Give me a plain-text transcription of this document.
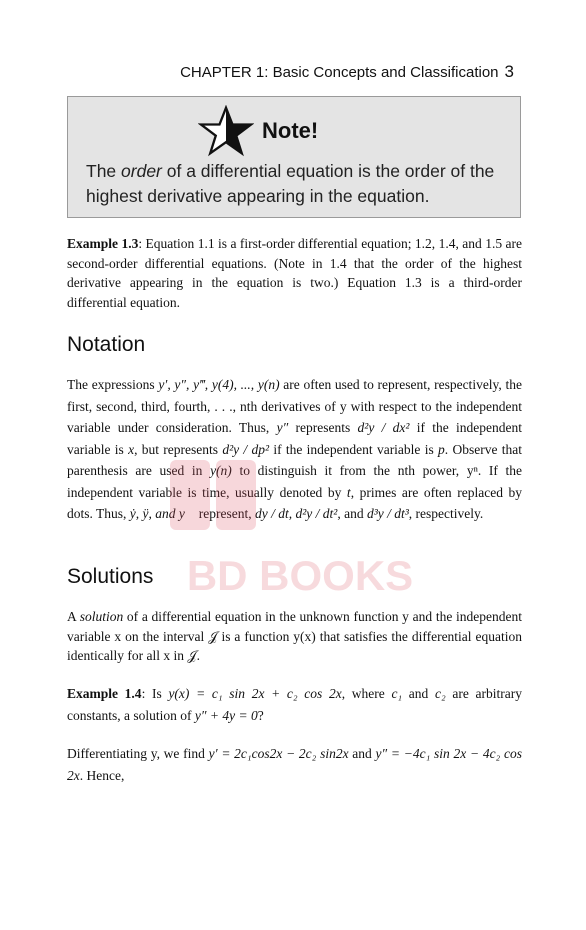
CHAPTER 1: Basic Concepts and Classification 3
Note!
The order of a differential equation is the order of the highest derivative appearing in the equation.
Example 1.3: Equation 1.1 is a first-order differential equation; 1.2, 1.4, and 1.5 are second-order differential equations. (Note in 1.4 that the order of the highest derivative appearing in the equation is two.) Equation 1.3 is a third-order differential equation.
Notation
The expressions y′, y″, y‴, y(4), ..., y(n) are often used to represent, respectively, the first, second, third, fourth, . . ., nth derivatives of y with respect to the independent variable under consideration. Thus, y″ represents d²y / dx² if the independent variable is x, but represents d²y / dp² if the independent variable is p. Observe that parenthesis are used in y(n) to distinguish it from the nth power, yⁿ. If the independent variable is time, usually denoted by t, primes are often replaced by dots. Thus, ẏ, ÿ, and y⃛ represent, dy / dt, d²y / dt², and d³y / dt³, respectively.
Solutions
A solution of a differential equation in the unknown function y and the independent variable x on the interval 𝒥 is a function y(x) that satisfies the differential equation identically for all x in 𝒥.
Example 1.4: Is y(x) = c₁ sin 2x + c₂ cos 2x, where c₁ and c₂ are arbitrary constants, a solution of y″ + 4y = 0?
Differentiating y, we find y′ = 2c₁cos2x − 2c₂ sin2x and y″ = −4c₁ sin 2x − 4c₂ cos 2x. Hence,
BD BOOKS
